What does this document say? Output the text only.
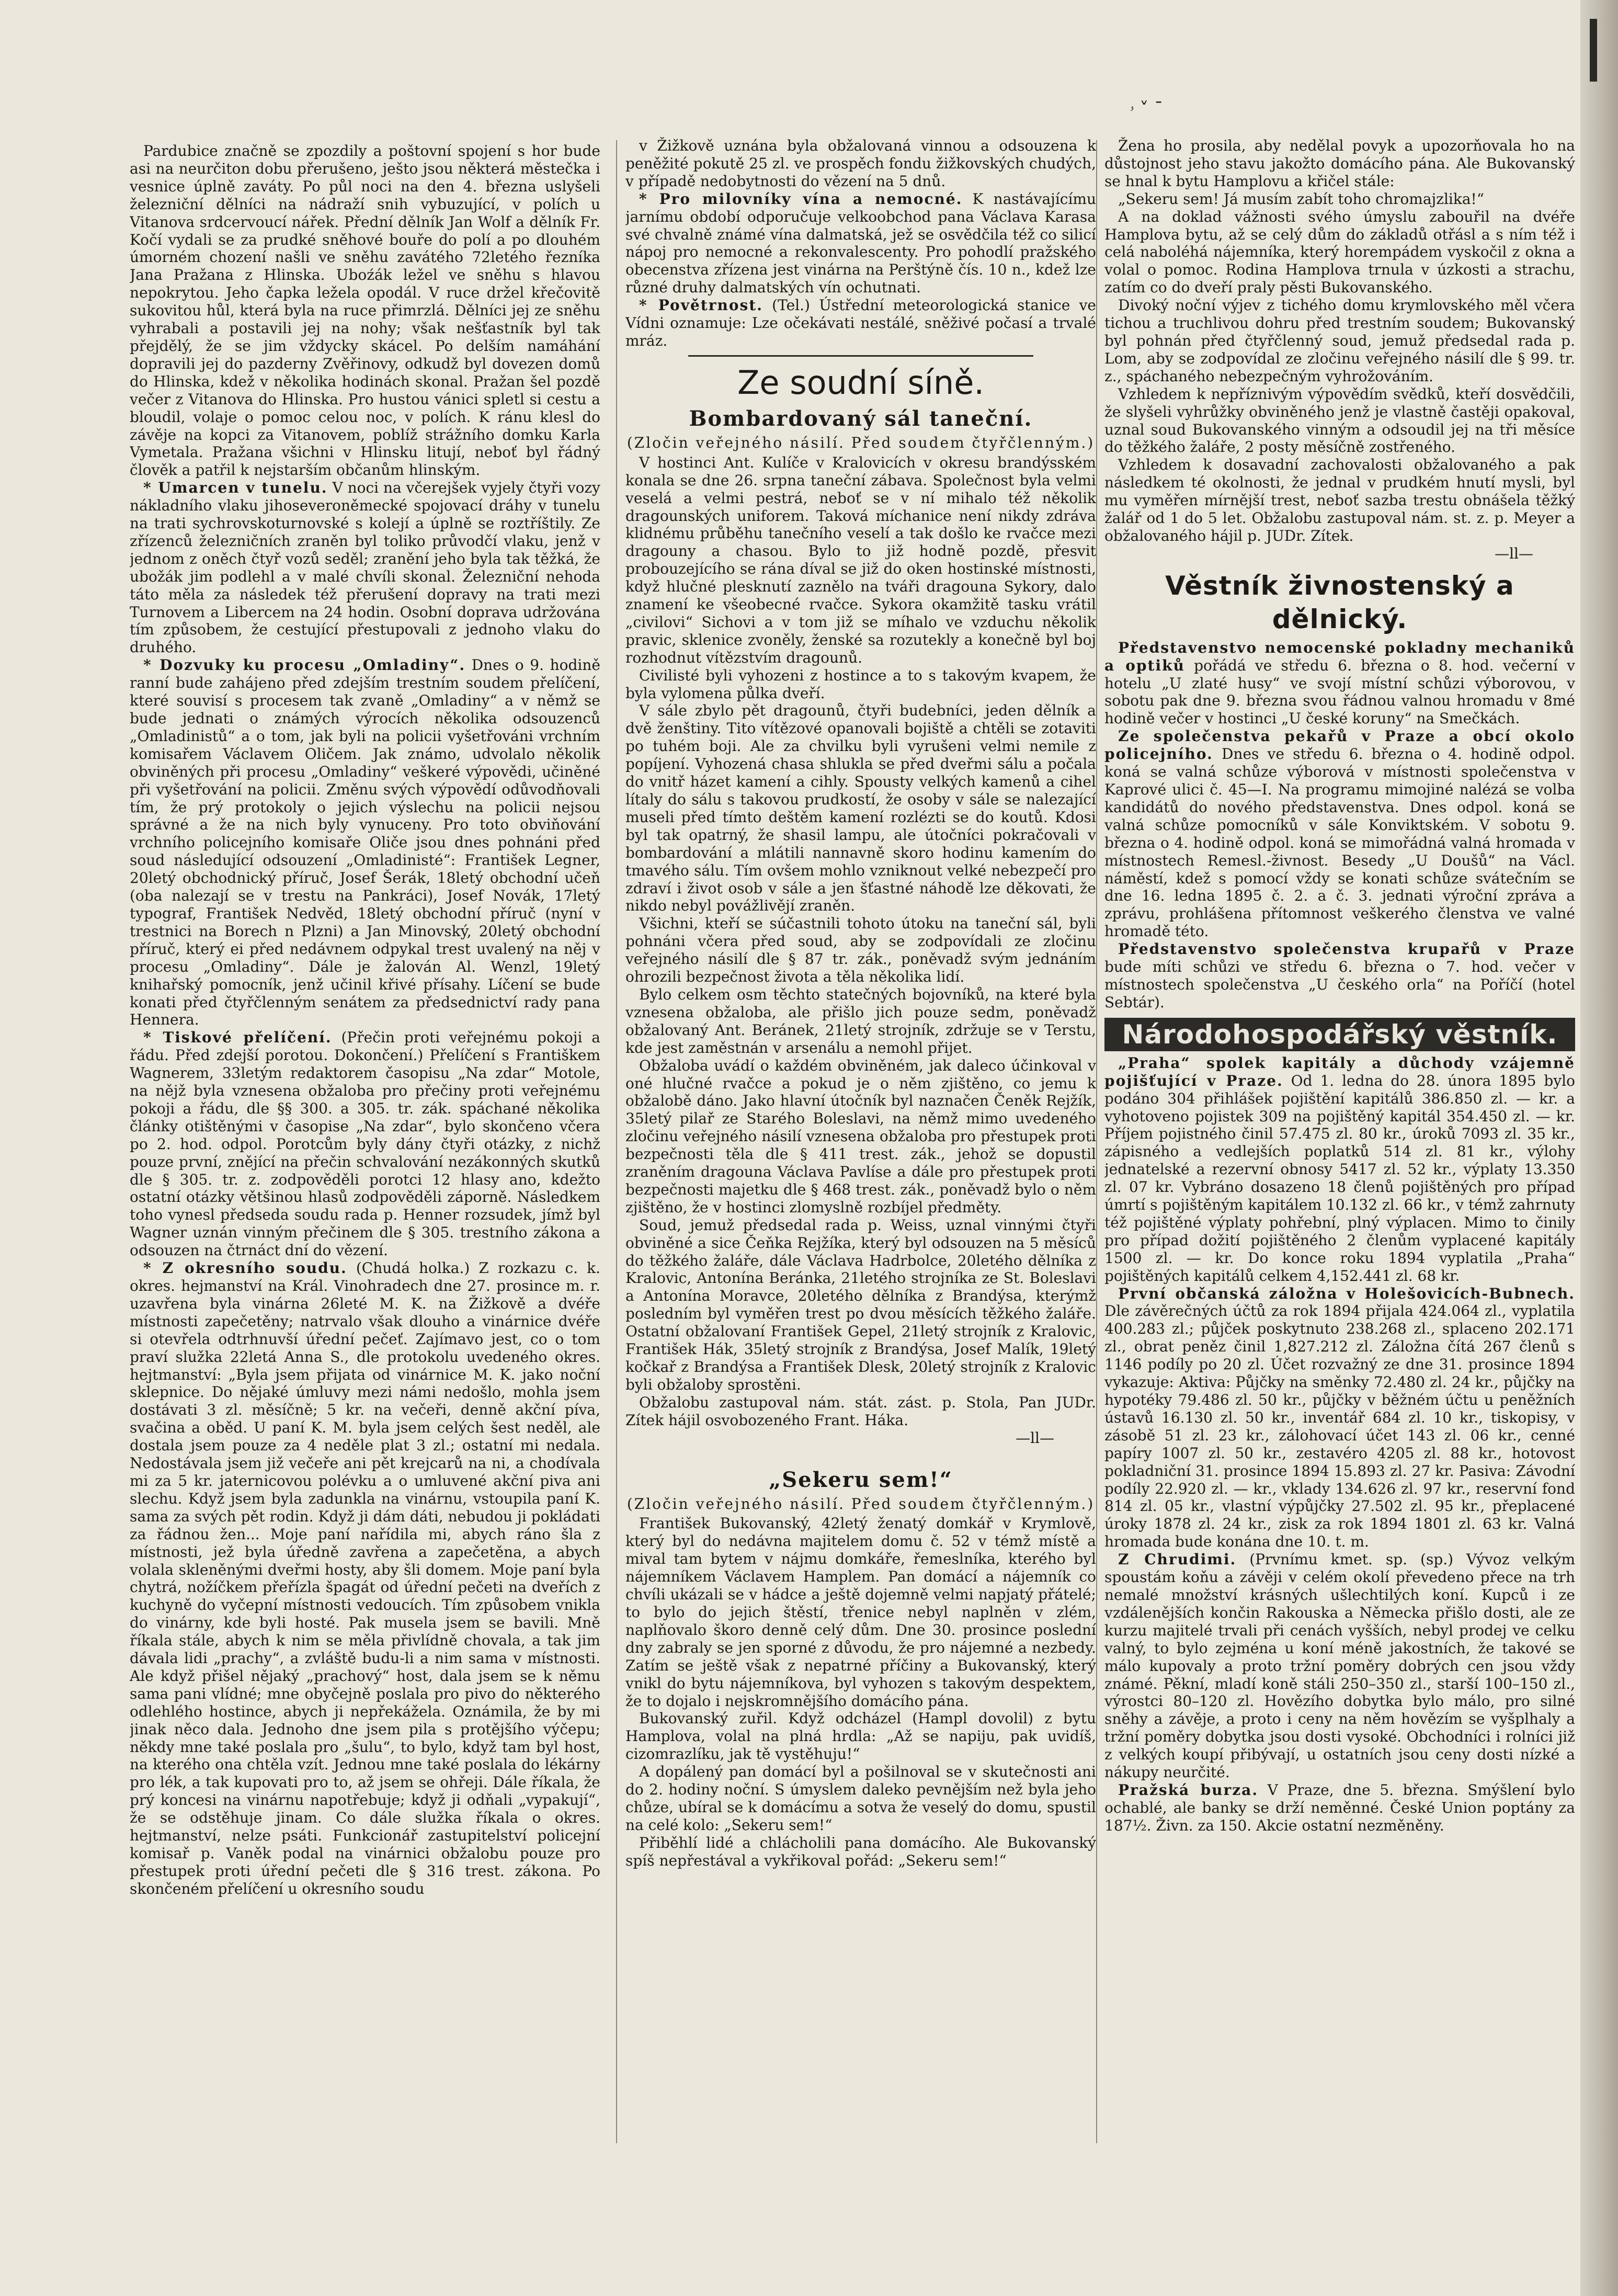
ۥ ˅ ˉ

Pardubice značně se zpozdily a poštovní spojení s hor bude asi na neurčiton dobu přerušeno, ješto jsou některá městečka i vesnice úplně zaváty. Po půl noci na den 4. března uslyšeli železniční dělníci na nádraží snih vybuzující, v polích u Vitanova srdcervoucí nářek. Přední dělník Jan Wolf a dělník Fr. Kočí vydali se za prudké sněhové bouře do polí a po dlouhém úmorném chození našli ve sněhu zavátého 72letého řezníka Jana Pražana z Hlinska. Uboźák ležel ve sněhu s hlavou nepokrytou. Jeho čapka ležela opodál. V ruce držel křečovitě sukovitou hůl, která byla na ruce přimrzlá. Dělníci jej ze sněhu vyhrabali a postavili jej na nohy; však nešťastník byl tak přejdělý, že se jim vždycky skácel. Po delším namáhání dopravili jej do pazderny Zvěřinovy, odkudž byl dovezen domů do Hlinska, kdež v několika hodinách skonal. Pražan šel pozdě večer z Vitanova do Hlinska. Pro hustou vánici spletl si cestu a bloudil, volaje o pomoc celou noc, v polích. K ránu klesl do závěje na kopci za Vitanovem, poblíž strážního domku Karla Vymetala. Pražana všichni v Hlinsku litují, neboť byl řádný člověk a patřil k nejstarším občanům hlinským.

* Umarcen v tunelu. V noci na včerejšek vyjely čtyři vozy nákladního vlaku jihoseveroněmecké spojovací dráhy v tunelu na trati sychrovskoturnovské s kolejí a úplně se roztříštily. Ze zřízenců železničních zraněn byl toliko průvodčí vlaku, jenž v jednom z oněch čtyř vozů seděl; zranění jeho byla tak těžká, že ubožák jim podlehl a v malé chvíli skonal. Železniční nehoda táto měla za následek též přerušení dopravy na trati mezi Turnovem a Libercem na 24 hodin. Osobní doprava udržována tím způsobem, že cestující přestupovali z jednoho vlaku do druhého.

* Dozvuky ku procesu „Omladiny“. Dnes o 9. hodině ranní bude zahájeno před zdejším trestním soudem přelíčení, které souvisí s procesem tak zvaně „Omladiny“ a v němž se bude jednati o známých výrocích několika odsouzenců „Omladinistů“ a o tom, jak byli na policii vyšetřováni vrchním komisařem Václavem Oličem. Jak známo, udvolalo několik obviněných při procesu „Omladiny“ veškeré výpovědi, učiněné při vyšetřování na policii. Změnu svých výpovědí odůvodňovali tím, že prý protokoly o jejich výslechu na policii nejsou správné a že na nich byly vynuceny. Pro toto obviňování vrchního policejního komisaře Oliče jsou dnes pohnáni před soud následující odsouzení „Omladinisté“: František Legner, 20letý obchodnický příruč, Josef Šerák, 18letý obchodní učeň (oba nalezají se v trestu na Pankráci), Josef Novák, 17letý typograf, František Nedvěd, 18letý obchodní příruč (nyní v trestnici na Borech n Plzni) a Jan Minovský, 20letý obchodní příruč, který ei před nedávnem odpykal trest uvalený na něj v procesu „Omladiny“. Dále je žalován Al. Wenzl, 19letý knihařský pomocník, jenž učinil křivé přísahy. Líčení se bude konati před čtyřčlenným senátem za předsednictví rady pana Hennera.

* Tiskové přelíčení. (Přečin proti veřejnému pokoji a řádu. Před zdejší porotou. Dokončení.) Přelíčení s Františkem Wagnerem, 33letým redaktorem časopisu „Na zdar“ Motole, na nějž byla vznesena obžaloba pro přečiny proti veřejnému pokoji a řádu, dle §§ 300. a 305. tr. zák. spáchané několika články otištěnými v časopise „Na zdar“, bylo skončeno včera po 2. hod. odpol. Porotcům byly dány čtyři otázky, z nichž pouze první, znějící na přečin schvalování nezákonných skutků dle § 305. tr. z. zodpověděli porotci 12 hlasy ano, kdežto ostatní otázky většinou hlasů zodpověděli záporně. Následkem toho vynesl předseda soudu rada p. Henner rozsudek, jímž byl Wagner uznán vinným přečinem dle § 305. trestního zákona a odsouzen na čtrnáct dní do vězení.

* Z okresního soudu. (Chudá holka.) Z rozkazu c. k. okres. hejmanství na Král. Vinohradech dne 27. prosince m. r. uzavřena byla vinárna 26leté M. K. na Žižkově a dvéře místnosti zapečetěny; natrvalo však dlouho a vinárnice dvéře si otevřela odtrhnuvší úřední pečeť. Zajímavo jest, co o tom praví služka 22letá Anna S., dle protokolu uvedeného okres. hejtmanství: „Byla jsem přijata od vinárnice M. K. jako noční sklepnice. Do nějaké úmluvy mezi námi nedošlo, mohla jsem dostávati 3 zl. měsíčně; 5 kr. na večeři, denně akční píva, svačina a oběd. U paní K. M. byla jsem celých šest neděl, ale dostala jsem pouze za 4 neděle plat 3 zl.; ostatní mi nedala. Nedostávala jsem již večeře ani pět krejcarů na ni, a chodívala mi za 5 kr. jaternicovou polévku a o umluvené akční piva ani slechu. Když jsem byla zadunkla na vinárnu, vstoupila paní K. sama za svých pět rodin. Když ji dám dáti, nebudou ji pokládati za řádnou žen... Moje paní nařídila mi, abych ráno šla z místnosti, jež byla úředně zavřena a zapečetěna, a abych volala skleněnými dveřmi hosty, aby šli domem. Moje paní byla chytrá, nožíčkem přeřízla špagát od úřední pečeti na dveřích z kuchyně do vyčepní místnosti vedoucích. Tím způsobem vnikla do vinárny, kde byli hosté. Pak musela jsem se bavili. Mně říkala stále, abych k nim se měla přivlídně chovala, a tak jim dávala lidi „prachy“, a zvláště budu-li a nim sama v místnosti. Ale když přišel nějaký „prachový“ host, dala jsem se k němu sama pani vlídné; mne obyčejně poslala pro pivo do některého odlehlého hostince, abych ji nepřekážela. Oznámila, že by mi jinak něco dala. Jednoho dne jsem pila s protějšího výčepu; někdy mne také poslala pro „šulu“, to bylo, když tam byl host, na kterého ona chtěla vzít. Jednou mne také poslala do lékárny pro lék, a tak kupovati pro to, až jsem se ohřeji. Dále říkala, že prý koncesi na vinárnu napotřebuje; když ji odňali „vypakují“, že se odstěhuje jinam. Co dále služka říkala o okres. hejtmanství, nelze psáti. Funkcionář zastupitelství policejní komisař p. Vaněk podal na vinárnici obžalobu pouze pro přestupek proti úřední pečeti dle § 316 trest. zákona. Po skončeném přelíčení u okresního soudu

v Žižkově uznána byla obžalovaná vinnou a odsouzena k peněžité pokutě 25 zl. ve prospěch fondu žižkovských chudých, v případě nedobytnosti do vězení na 5 dnů.

* Pro milovníky vína a nemocné. K nastávajícímu jarnímu období odporučuje velkoobchod pana Václava Karasa své chvalně známé vína dalmatská, jež se osvědčila též co silicí nápoj pro nemocné a rekonvalescenty. Pro pohodlí pražského obecenstva zřízena jest vinárna na Perštýně čís. 10 n., kdež lze různé druhy dalmatských vín ochutnati.

* Povětrnost. (Tel.) Ústřední meteorologická stanice ve Vídni oznamuje: Lze očekávati nestálé, sněživé počasí a trvalé mráz.

Ze soudní síně.
Bombardovaný sál taneční.
(Zločin veřejného násilí. Před soudem čtyřčlenným.)

V hostinci Ant. Kulíče v Kralovicích v okresu brandýsském konala se dne 26. srpna taneční zábava. Společnost byla velmi veselá a velmi pestrá, neboť se v ní mihalo též několik dragounských uniforem. Taková míchanice není nikdy zdráva klidnému průběhu tanečního veselí a tak došlo ke rvačce mezi dragouny a chasou. Bylo to již hodně pozdě, přesvit probouzejícího se rána díval se již do oken hostinské místnosti, když hlučné plesknutí zaznělo na tváři dragouna Sykory, dalo znamení ke všeobecné rvačce. Sykora okamžitě tasku vrátil „civilovi“ Sichovi a v tom již se míhalo ve vzduchu několik pravic, sklenice zvoněly, ženské sa rozutekly a konečně byl boj rozhodnut vítězstvím dragounů.

Civilisté byli vyhozeni z hostince a to s takovým kvapem, že byla vylomena půlka dveří.

V sále zbylo pět dragounů, čtyři budebníci, jeden dělník a dvě ženštiny. Tito vítězové opanovali bojiště a chtěli se zotaviti po tuhém boji. Ale za chvilku byli vyrušeni velmi nemile z popíjení. Vyhozená chasa shlukla se před dveřmi sálu a počala do vnitř házet kamení a cihly. Spousty velkých kamenů a cihel lítaly do sálu s takovou prudkostí, že osoby v sále se nalezající museli před tímto deštěm kamení rozlézti se do koutů. Kdosi byl tak opatrný, že shasil lampu, ale útočníci pokračovali v bombardování a mlátili nannavně skoro hodinu kamením do tmavého sálu. Tím ovšem mohlo vzniknout velké nebezpečí pro zdraví i život osob v sále a jen šťastné náhodě lze děkovati, že nikdo nebyl povážlivějí zraněn.

Všichni, kteří se súčastnili tohoto útoku na taneční sál, byli pohnáni včera před soud, aby se zodpovídali ze zločinu veřejného násilí dle § 87 tr. zák., poněvadž svým jednáním ohrozili bezpečnost života a těla několika lidí.

Bylo celkem osm těchto statečných bojovníků, na které byla vznesena obžaloba, ale přišlo jich pouze sedm, poněvadž obžalovaný Ant. Beránek, 21letý strojník, zdržuje se v Terstu, kde jest zaměstnán v arsenálu a nemohl přijet.

Obžaloba uvádí o každém obviněném, jak daleco účinkoval v oné hlučné rvačce a pokud je o něm zjištěno, co jemu k obžalobě dáno. Jako hlavní útočník byl naznačen Čeněk Rejžík, 35letý pilař ze Starého Boleslavi, na němž mimo uvedeného zločinu veřejného násilí vznesena obžaloba pro přestupek proti bezpečnosti těla dle § 411 trest. zák., jehož se dopustil zraněním dragouna Václava Pavlíse a dále pro přestupek proti bezpečnosti majetku dle § 468 trest. zák., poněvadž bylo o něm zjištěno, že v hostinci zlomyslně rozbíjel předměty.

Soud, jemuž předsedal rada p. Weiss, uznal vinnými čtyři obviněné a sice Čeňka Rejžíka, který byl odsouzen na 5 měsíců do těžkého žaláře, dále Václava Hadrbolce, 20letého dělníka z Kralovic, Antonína Beránka, 21letého strojníka ze St. Boleslavi a Antonína Moravce, 20letého dělníka z Brandýsa, kterýmž posledním byl vyměřen trest po dvou měsících těžkého žaláře. Ostatní obžalovaní František Gepel, 21letý strojník z Kralovic, František Hák, 35letý strojník z Brandýsa, Josef Malík, 19letý kočkař z Brandýsa a František Dlesk, 20letý strojník z Kralovic byli obžaloby sprostěni.

Obžalobu zastupoval nám. stát. zást. p. Stola, Pan JUDr. Zítek hájil osvobozeného Frant. Háka.

—ll—
„Sekeru sem!“
(Zločin veřejného násilí. Před soudem čtyřčlenným.)

František Bukovanský, 42letý ženatý domkář v Krymlově, který byl do nedávna majitelem domu č. 52 v témž místě a mival tam bytem v nájmu domkáře, řemeslníka, kterého byl nájemníkem Václavem Hamplem. Pan domácí a nájemník co chvíli ukázali se v hádce a ještě dojemně velmi napjatý přátelé; to bylo do jejich štěstí, třenice nebyl naplněn v zlém, naplňovalo škoro denně celý dům. Dne 30. prosince poslední dny zabraly se jen sporné z důvodu, že pro nájemné a nezbedy. Zatím se ještě však z nepatrné příčiny a Bukovanský, který vnikl do bytu nájemníkova, byl vyhozen s takovým despektem, že to dojalo i nejskromnějšího domácího pána.

Bukovanský zuřil. Když odcházel (Hampl dovolil) z bytu Hamplova, volal na plná hrdla: „Až se napiju, pak uvidíš, cizomrazlíku, jak tě vystěhuju!“

A dopálený pan domácí byl a pošilnoval se v skutečnosti ani do 2. hodiny noční. S úmyslem daleko pevnějším než byla jeho chůze, ubíral se k domácímu a sotva že veselý do domu, spustil na celé kolo: „Sekeru sem!“

Přiběhlí lidé a chlácholili pana domácího. Ale Bukovanský spíš nepřestával a vykřikoval pořád: „Sekeru sem!“

Žena ho prosila, aby nedělal povyk a upozorňovala ho na důstojnost jeho stavu jakožto domácího pána. Ale Bukovanský se hnal k bytu Hamplovu a křičel stále:

„Sekeru sem! Já musím zabít toho chromajzlika!“

A na doklad vážnosti svého úmyslu zabouřil na dvéře Hamplova bytu, až se celý dům do základů otřásl a s ním též i celá naboléhá nájemníka, který horempádem vyskočil z okna a volal o pomoc. Rodina Hamplova trnula v úzkosti a strachu, zatím co do dveří praly pěsti Bukovanského.

Divoký noční výjev z tichého domu krymlovského měl včera tichou a truchlivou dohru před trestním soudem; Bukovanský byl pohnán před čtyřčlenný soud, jemuž předsedal rada p. Lom, aby se zodpovídal ze zločinu veřejného násilí dle § 99. tr. z., spáchaného nebezpečným vyhrožováním.

Vzhledem k nepříznivým výpovědím svědků, kteří dosvědčili, že slyšeli vyhrůžky obviněného jenž je vlastně častěji opakoval, uznal soud Bukovanského vinným a odsoudil jej na tři měsíce do těžkého žaláře, 2 posty měsíčně zostřeného.

Vzhledem k dosavadní zachovalosti obžalovaného a pak následkem té okolnosti, že jednal v prudkém hnutí mysli, byl mu vyměřen mírnější trest, neboť sazba trestu obnášela těžký žalář od 1 do 5 let. Obžalobu zastupoval nám. st. z. p. Meyer a obžalovaného hájil p. JUDr. Zítek.

—ll—
Věstník živnostenský a dělnický.

Představenstvo nemocenské pokladny mechaniků a optiků pořádá ve středu 6. března o 8. hod. večerní v hotelu „U zlaté husy“ ve svojí místní schůzi výborovou, v sobotu pak dne 9. března svou řádnou valnou hromadu v 8mé hodině večer v hostinci „U české koruny“ na Smečkách.

Ze společenstva pekařů v Praze a obcí okolo policejního. Dnes ve středu 6. března o 4. hodině odpol. koná se valná schůze výborová v místnosti společenstva v Kaprové ulici č. 45—I. Na programu mimojiné nalézá se volba kandidátů do nového představenstva. Dnes odpol. koná se valná schůze pomocníků v sále Konviktském. V sobotu 9. března o 4. hodině odpol. koná se mimořádná valná hromada v místnostech Remesl.-živnost. Besedy „U Doušů“ na Václ. náměstí, kdež s pomocí vždy se konati schůze svátečním se dne 16. ledna 1895 č. 2. a č. 3. jednati výroční zpráva a zprávu, prohlášena přítomnost veškerého členstva ve valné hromadě této.

Představenstvo společenstva krupařů v Praze bude míti schůzi ve středu 6. března o 7. hod. večer v místnostech společenstva „U českého orla“ na Poříčí (hotel Sebtár).

Národohospodářský věstník.

„Praha“ spolek kapitály a důchody vzájemně pojišťující v Praze. Od 1. ledna do 28. února 1895 bylo podáno 304 přihlášek pojištění kapitálů 386.850 zl. — kr. a vyhotoveno pojistek 309 na pojištěný kapitál 354.450 zl. — kr. Příjem pojistného činil 57.475 zl. 80 kr., úroků 7093 zl. 35 kr., zápisného a vedlejších poplatků 514 zl. 81 kr., výlohy jednatelské a rezervní obnosy 5417 zl. 52 kr., výplaty 13.350 zl. 07 kr. Vybráno dosazeno 18 členů pojištěných pro případ úmrtí s pojištěným kapitálem 10.132 zl. 66 kr., v témž zahrnuty též pojištěné výplaty pohřební, plný výplacen. Mimo to činily pro případ dožití pojištěného 2 členům vyplacené kapitály 1500 zl. — kr. Do konce roku 1894 vyplatila „Praha“ pojištěných kapitálů celkem 4,152.441 zl. 68 kr.

První občanská záložna v Holešovicích-Bubnech. Dle závěrečných účtů za rok 1894 přijala 424.064 zl., vyplatila 400.283 zl.; půjček poskytnuto 238.268 zl., splaceno 202.171 zl., obrat peněz činil 1,827.212 zl. Záložna čítá 267 členů s 1146 podíly po 20 zl. Účet rozvažný ze dne 31. prosince 1894 vykazuje: Aktiva: Půjčky na směnky 72.480 zl. 24 kr., půjčky na hypotéky 79.486 zl. 50 kr., půjčky v běžném účtu u peněžních ústavů 16.130 zl. 50 kr., inventář 684 zl. 10 kr., tiskopisy, v zásobě 51 zl. 23 kr., zálohovací účet 143 zl. 06 kr., cenné papíry 1007 zl. 50 kr., zestavéro 4205 zl. 88 kr., hotovost pokladniční 31. prosince 1894 15.893 zl. 27 kr. Pasiva: Závodní podíly 22.920 zl. — kr., vklady 134.626 zl. 97 kr., reservní fond 814 zl. 05 kr., vlastní výpůjčky 27.502 zl. 95 kr., přeplacené úroky 1878 zl. 24 kr., zisk za rok 1894 1801 zl. 63 kr. Valná hromada bude konána dne 10. t. m.

Z Chrudimi. (Prvnímu kmet. sp. (sp.) Vývoz velkým spoustám koňu a závěji v celém okolí převedeno přece na trh nemalé množství krásných ušlechtilých koní. Kupců i ze vzdálenějších končin Rakouska a Německa přišlo dosti, ale ze kurzu majitelé trvali při cenách vyšších, nebyl prodej ve celku valný, to bylo zejména u koní méně jakostních, že takové se málo kupovaly a proto tržní poměry dobrých cen jsou vždy známé. Pěkní, mladí koně stáli 250–350 zl., starší 100–150 zl., výrostci 80–120 zl. Hovězího dobytka bylo málo, pro silné sněhy a závěje, a proto i ceny na něm hovězím se vyšplhaly a tržní poměry dobytka jsou dosti vysoké. Obchodníci i rolníci již z velkých koupí přibývají, u ostatních jsou ceny dosti nízké a nákupy neurčité.

Pražská burza. V Praze, dne 5. března. Smýšlení bylo ochablé, ale banky se drží neměnné. České Union poptány za 187½. Živn. za 150. Akcie ostatní nezměněny.
